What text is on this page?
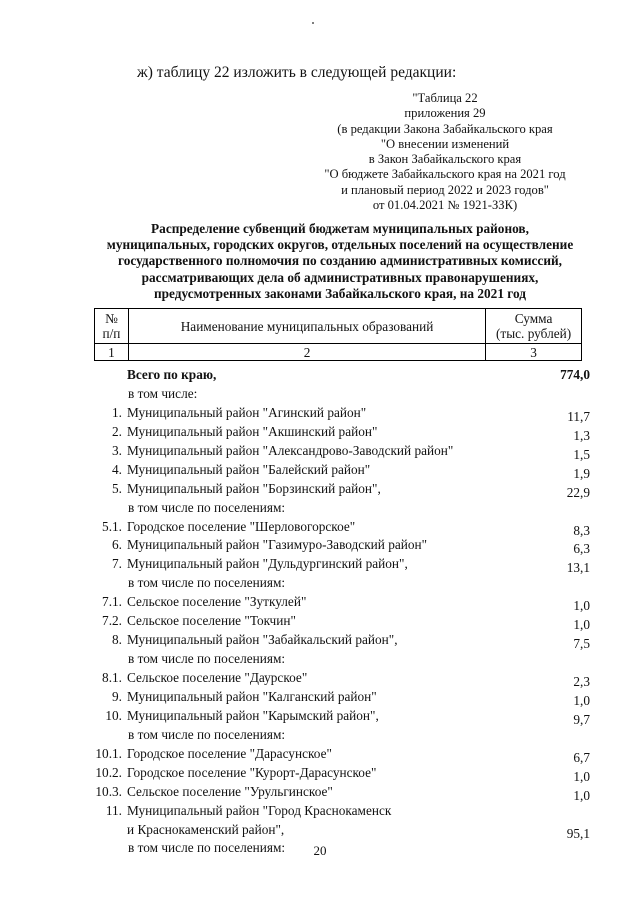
ж) таблицу 22 изложить в следующей редакции:
"Таблица 22
приложения 29
(в редакции Закона Забайкальского края
"О внесении изменений
в Закон Забайкальского края
"О бюджете Забайкальского края на 2021 год
и плановый период 2022 и 2023 годов"
от 01.04.2021 № 1921-ЗЗК)
Распределение субвенций бюджетам муниципальных районов,
муниципальных, городских округов, отдельных поселений на осуществление
государственного полномочия по созданию административных комиссий,
рассматривающих дела об административных правонарушениях,
предусмотренных законами Забайкальского края, на 2021 год
№
п/п	Наименование муниципальных образований	Сумма
(тыс. рублей)
1	2	3
Всего по краю,	774,0
в том числе:
1. Муниципальный район "Агинский район"	11,7
2. Муниципальный район "Акшинский район"	1,3
3. Муниципальный район "Александрово-Заводский район"	1,5
4. Муниципальный район "Балейский район"	1,9
5. Муниципальный район "Борзинский район",	22,9
в том числе по поселениям:
5.1. Городское поселение "Шерловогорское"	8,3
6. Муниципальный район "Газимуро-Заводский район"	6,3
7. Муниципальный район "Дульдургинский район",	13,1
в том числе по поселениям:
7.1. Сельское поселение "Зуткулей"	1,0
7.2. Сельское поселение "Токчин"	1,0
8. Муниципальный район "Забайкальский район",	7,5
в том числе по поселениям:
8.1. Сельское поселение "Даурское"	2,3
9. Муниципальный район "Калганский район"	1,0
10. Муниципальный район "Карымский район",	9,7
в том числе по поселениям:
10.1. Городское поселение "Дарасунское"	6,7
10.2. Городское поселение "Курорт-Дарасунское"	1,0
10.3. Сельское поселение "Урульгинское"	1,0
11. Муниципальный район "Город Краснокаменск
и Краснокаменский район",	95,1
в том числе по поселениям:	20
